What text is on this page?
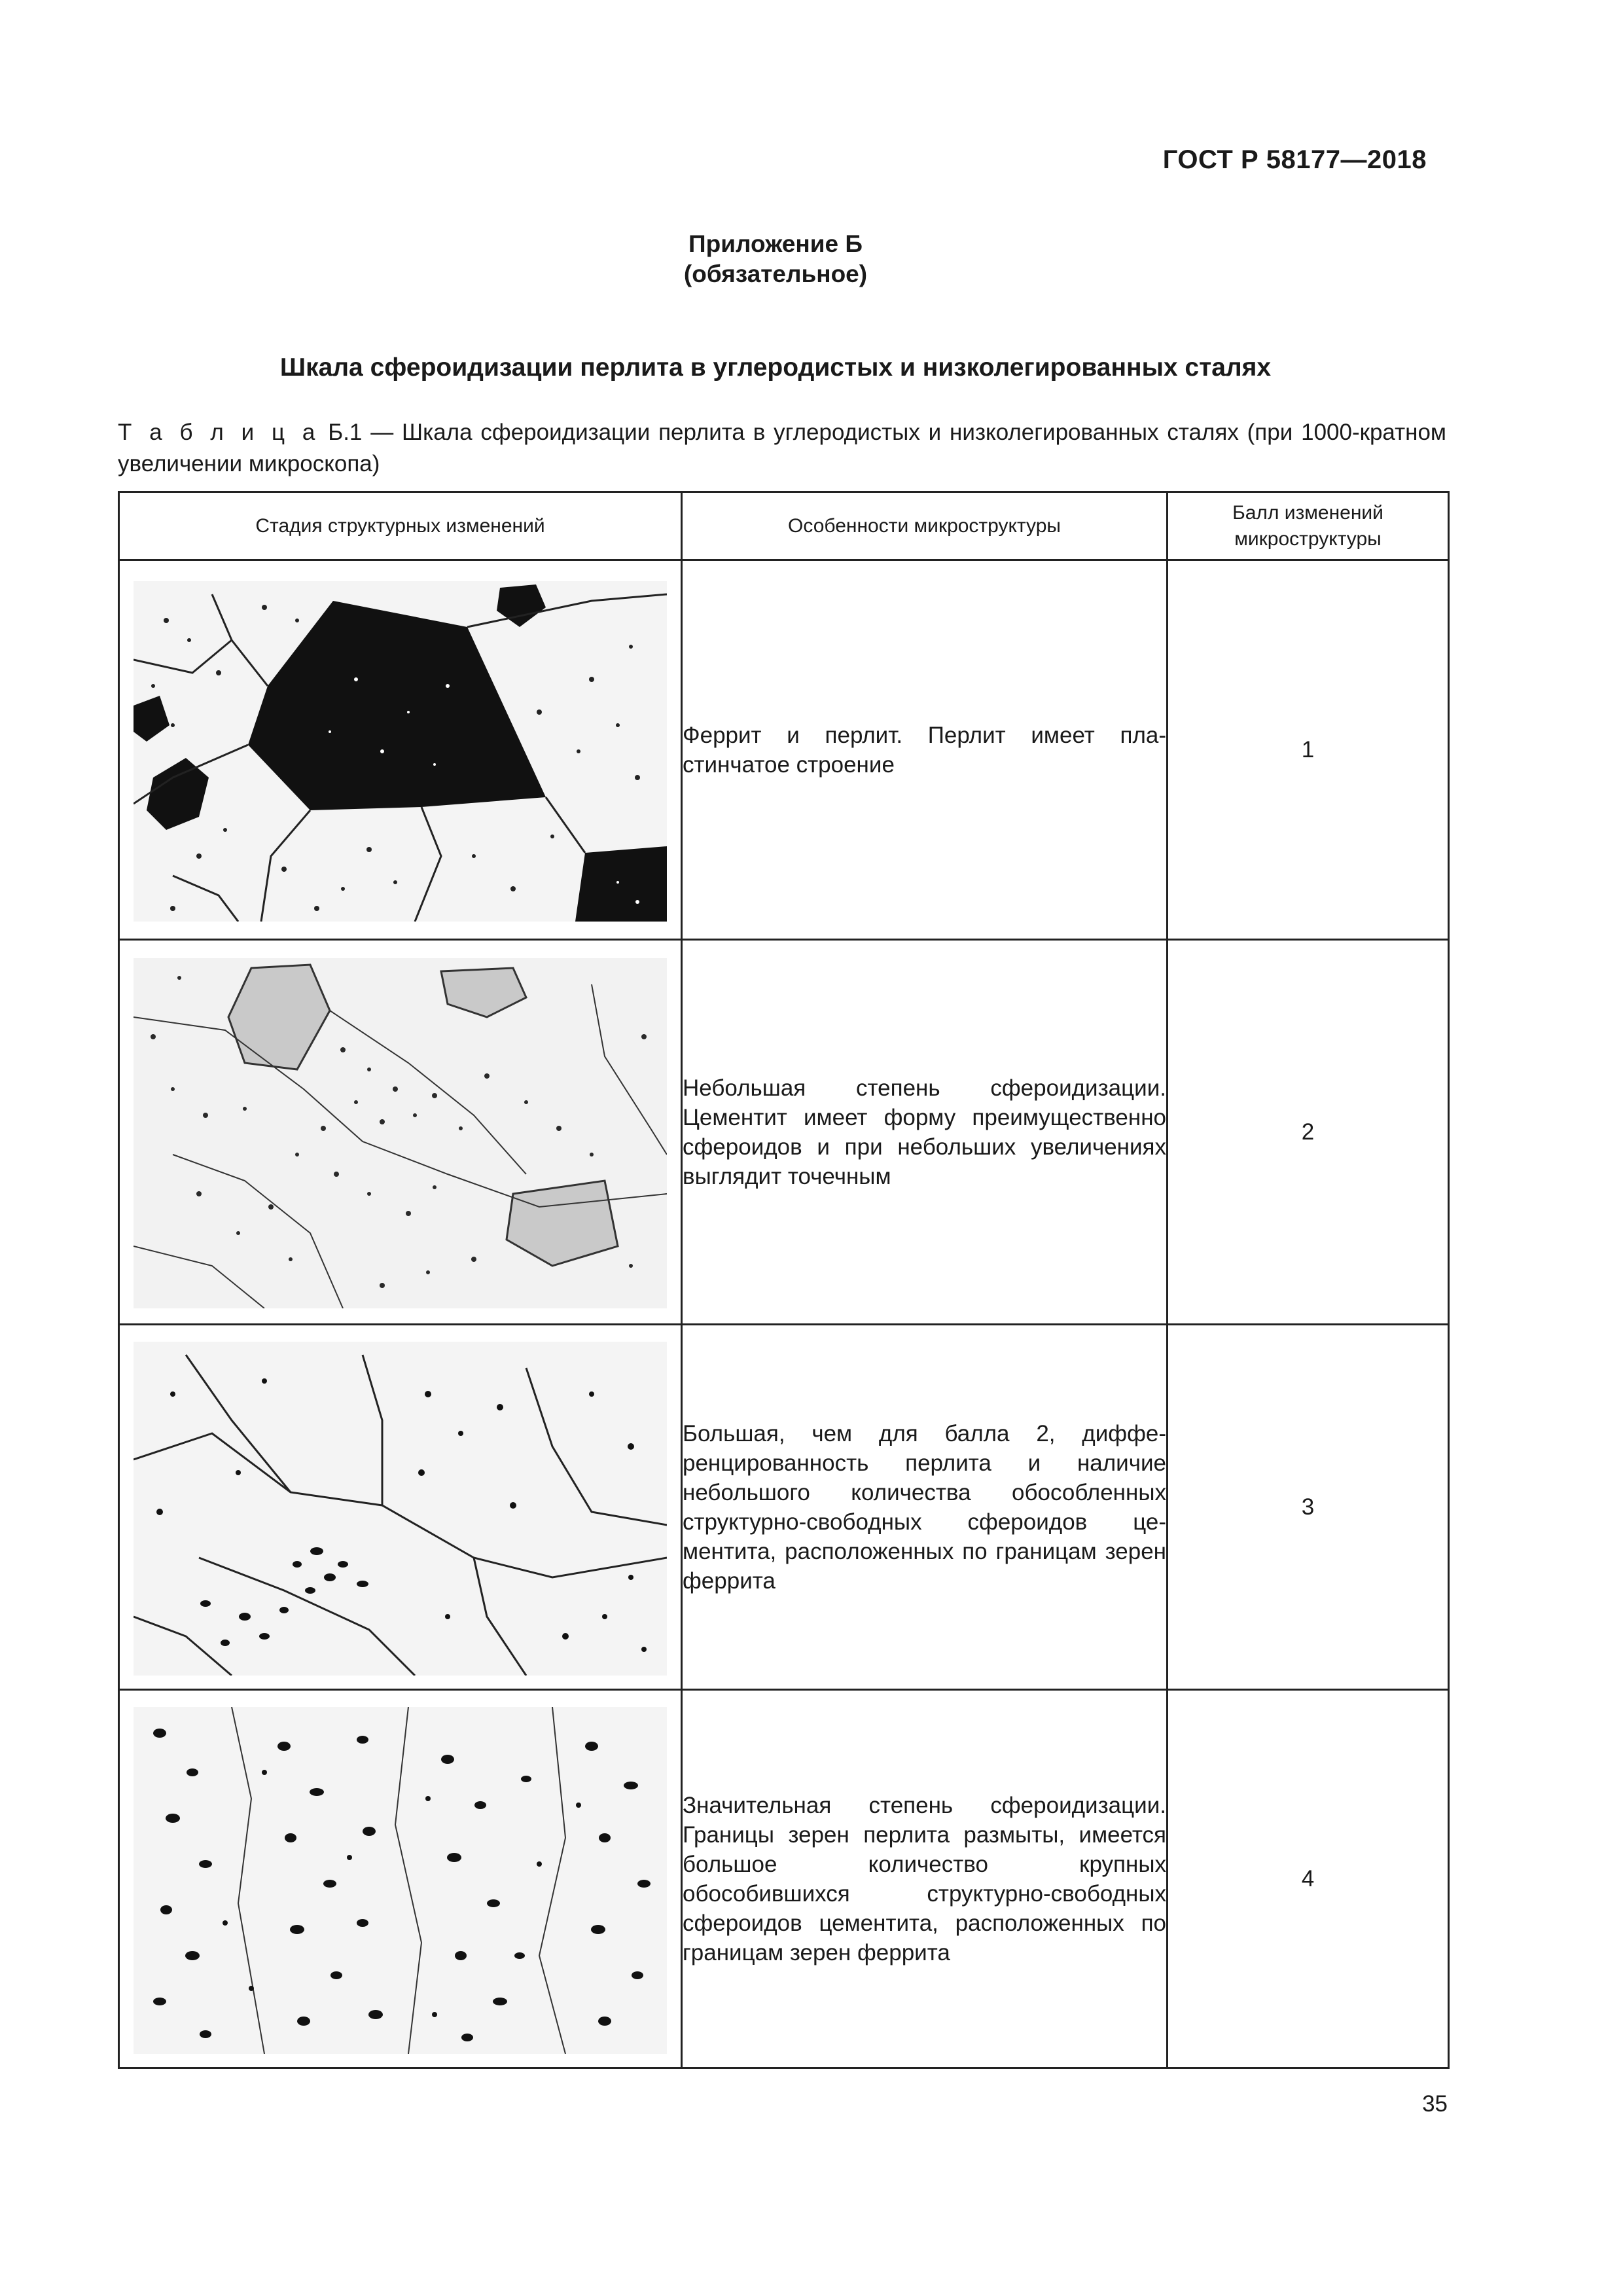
ГОСТ Р 58177—2018
Приложение Б
(обязательное)
Шкала сфероидизации перлита в углеродистых и низколегированных сталях
Т а б л и ц а Б.1 — Шкала сфероидизации перлита в углеродистых и низколегированных сталях (при 1000-кратном увеличении микроскопа)
Стадия структурных изменений	Особенности микроструктуры	Балл изменений микроструктуры

	Феррит и перлит. Перлит имеет пластинчатое строение	1

	Небольшая степень сфероидизации. Цементит имеет форму преимущественно сфероидов и при небольших увеличениях выглядит точечным	2

	Большая, чем для балла 2, дифференцированность перлита и наличие небольшого количества обособленных структурно-свободных сфероидов цементита, расположенных по границам зерен феррита	3

	Значительная степень сфероидизации. Границы зерен перлита размыты, имеется большое количество крупных обособившихся структурно-свободных сфероидов цементита, расположенных по границам зерен феррита	4
35
